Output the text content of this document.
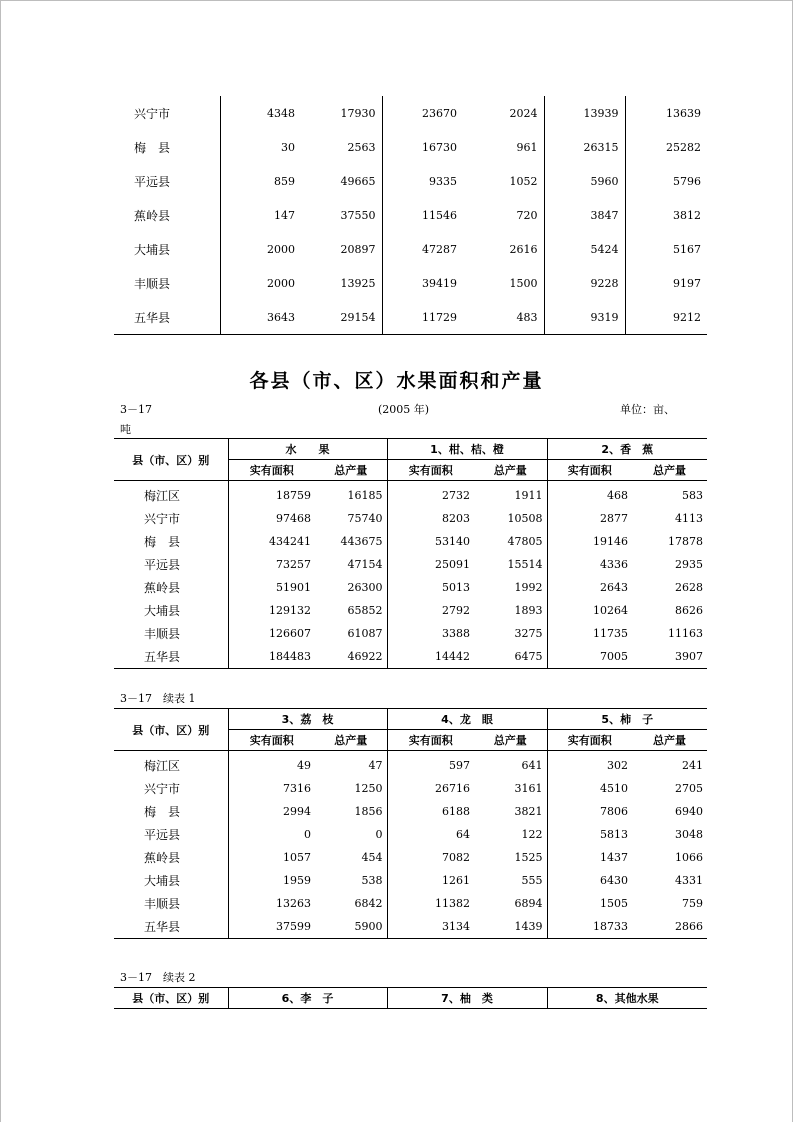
兴宁市	4348	17930	23670	2024	13939	13639
梅　县	30	2563	16730	961	26315	25282
平远县	859	49665	9335	1052	5960	5796
蕉岭县	147	37550	11546	720	3847	3812
大埔县	2000	20897	47287	2616	5424	5167
丰顺县	2000	13925	39419	1500	9228	9197
五华县	3643	29154	11729	483	9319	9212
各县（市、区）水果面积和产量
3－17	(2005 年)	单位：亩、
吨
县（市、区）别	水　　果		1、柑、桔、橙		2、香　蕉	
	实有面积	总产量	实有面积	总产量	实有面积	总产量
梅江区	18759	16185	2732	1911	468	583
兴宁市	97468	75740	8203	10508	2877	4113
梅　县	434241	443675	53140	47805	19146	17878
平远县	73257	47154	25091	15514	4336	2935
蕉岭县	51901	26300	5013	1992	2643	2628
大埔县	129132	65852	2792	1893	10264	8626
丰顺县	126607	61087	3388	3275	11735	11163
五华县	184483	46922	14442	6475	7005	3907
3－17　续表 1
县（市、区）别	3、荔　枝		4、龙　眼		5、柿　子	
	实有面积	总产量	实有面积	总产量	实有面积	总产量
梅江区	49	47	597	641	302	241
兴宁市	7316	1250	26716	3161	4510	2705
梅　县	2994	1856	6188	3821	7806	6940
平远县	0	0	64	122	5813	3048
蕉岭县	1057	454	7082	1525	1437	1066
大埔县	1959	538	1261	555	6430	4331
丰顺县	13263	6842	11382	6894	1505	759
五华县	37599	5900	3134	1439	18733	2866
3－17　续表 2
县（市、区）别	6、李　子	7、柚　类	8、其他水果
